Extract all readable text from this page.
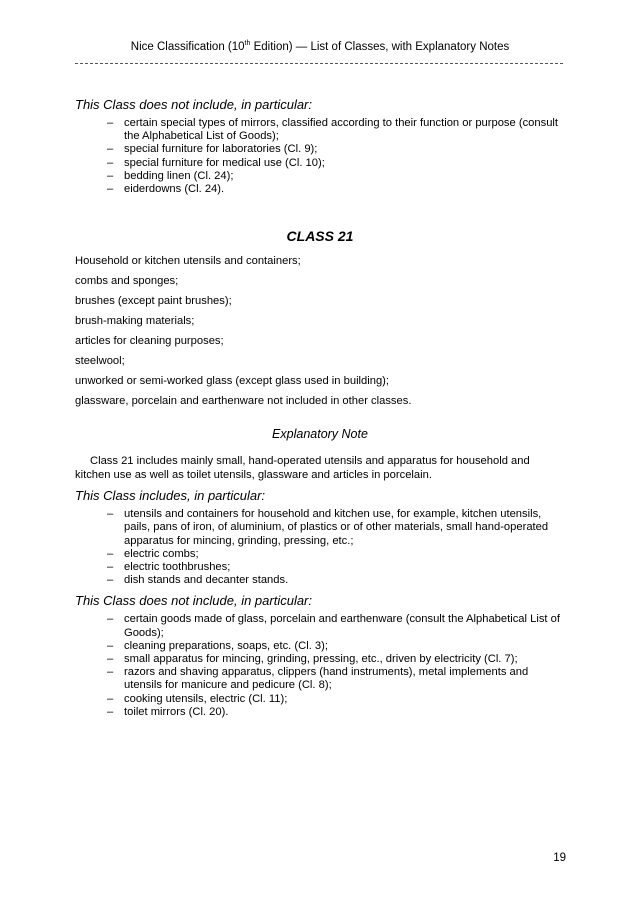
Nice Classification (10th Edition) — List of Classes, with Explanatory Notes

This Class does not include, in particular:

– certain special types of mirrors, classified according to their function or purpose (consult the Alphabetical List of Goods);
– special furniture for laboratories (Cl. 9);
– special furniture for medical use (Cl. 10);
– bedding linen (Cl. 24);
– eiderdowns (Cl. 24).
CLASS 21
Household or kitchen utensils and containers;
combs and sponges;
brushes (except paint brushes);
brush-making materials;
articles for cleaning purposes;
steelwool;
unworked or semi-worked glass (except glass used in building);
glassware, porcelain and earthenware not included in other classes.
Explanatory Note

Class 21 includes mainly small, hand-operated utensils and apparatus for household and kitchen use as well as toilet utensils, glassware and articles in porcelain.

This Class includes, in particular:

– utensils and containers for household and kitchen use, for example, kitchen utensils, pails, pans of iron, of aluminium, of plastics or of other materials, small hand-operated apparatus for mincing, grinding, pressing, etc.;
– electric combs;
– electric toothbrushes;
– dish stands and decanter stands.

This Class does not include, in particular:

– certain goods made of glass, porcelain and earthenware (consult the Alphabetical List of Goods);
– cleaning preparations, soaps, etc. (Cl. 3);
– small apparatus for mincing, grinding, pressing, etc., driven by electricity (Cl. 7);
– razors and shaving apparatus, clippers (hand instruments), metal implements and utensils for manicure and pedicure (Cl. 8);
– cooking utensils, electric (Cl. 11);
– toilet mirrors (Cl. 20).
19
